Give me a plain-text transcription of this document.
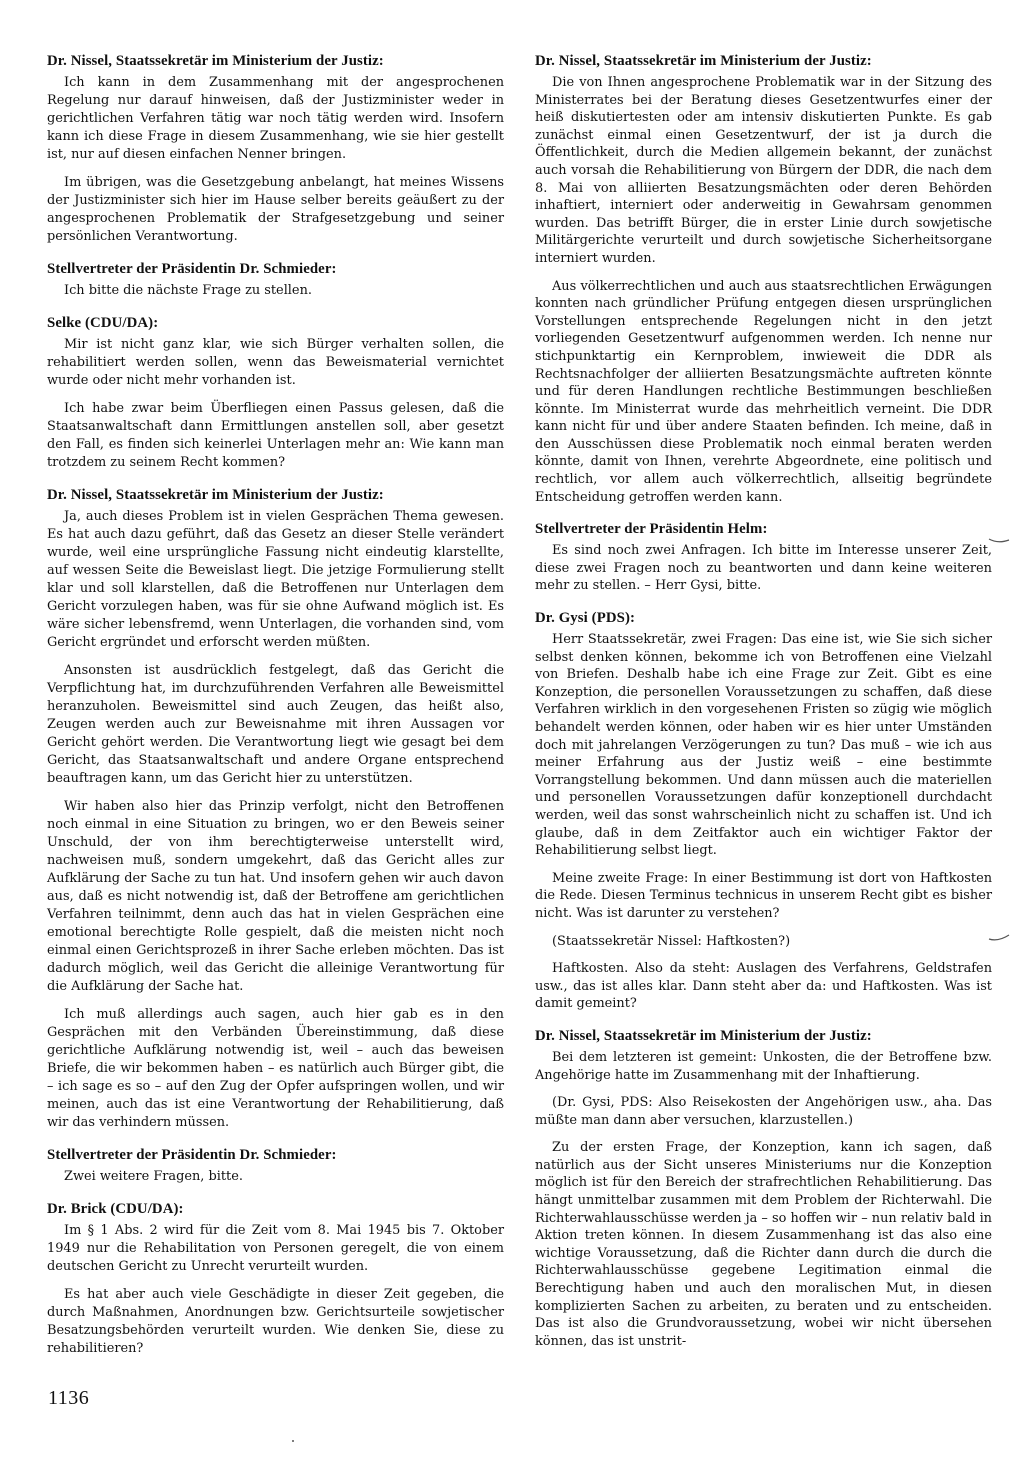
Dr. Nissel, Staatssekretär im Ministerium der Justiz:

Ich kann in dem Zusammenhang mit der angesprochenen Regelung nur darauf hinweisen, daß der Justizminister weder in gerichtlichen Verfahren tätig war noch tätig werden wird. Insofern kann ich diese Frage in diesem Zusammenhang, wie sie hier gestellt ist, nur auf diesen einfachen Nenner bringen.

Im übrigen, was die Gesetzgebung anbelangt, hat meines Wissens der Justizminister sich hier im Hause selber bereits geäußert zu der angesprochenen Problematik der Strafgesetzgebung und seiner persönlichen Verantwortung.

Stellvertreter der Präsidentin Dr. Schmieder:

Ich bitte die nächste Frage zu stellen.

Selke (CDU/DA):

Mir ist nicht ganz klar, wie sich Bürger verhalten sollen, die rehabilitiert werden sollen, wenn das Beweismaterial vernichtet wurde oder nicht mehr vorhanden ist.

Ich habe zwar beim Überfliegen einen Passus gelesen, daß die Staatsanwaltschaft dann Ermittlungen anstellen soll, aber gesetzt den Fall, es finden sich keinerlei Unterlagen mehr an: Wie kann man trotzdem zu seinem Recht kommen?

Dr. Nissel, Staatssekretär im Ministerium der Justiz:

Ja, auch dieses Problem ist in vielen Gesprächen Thema gewesen. Es hat auch dazu geführt, daß das Gesetz an dieser Stelle verändert wurde, weil eine ursprüngliche Fassung nicht eindeutig klarstellte, auf wessen Seite die Beweislast liegt. Die jetzige Formulierung stellt klar und soll klarstellen, daß die Betroffenen nur Unterlagen dem Gericht vorzulegen haben, was für sie ohne Aufwand möglich ist. Es wäre sicher lebensfremd, wenn Unterlagen, die vorhanden sind, vom Gericht ergründet und erforscht werden müßten.

Ansonsten ist ausdrücklich festgelegt, daß das Gericht die Verpflichtung hat, im durchzuführenden Verfahren alle Beweismittel heranzuholen. Beweismittel sind auch Zeugen, das heißt also, Zeugen werden auch zur Beweisnahme mit ihren Aussagen vor Gericht gehört werden. Die Verantwortung liegt wie gesagt bei dem Gericht, das Staatsanwaltschaft und andere Organe entsprechend beauftragen kann, um das Gericht hier zu unterstützen.

Wir haben also hier das Prinzip verfolgt, nicht den Betroffenen noch einmal in eine Situation zu bringen, wo er den Beweis seiner Unschuld, der von ihm berechtigterweise unterstellt wird, nachweisen muß, sondern umgekehrt, daß das Gericht alles zur Aufklärung der Sache zu tun hat. Und insofern gehen wir auch davon aus, daß es nicht notwendig ist, daß der Betroffene am gerichtlichen Verfahren teilnimmt, denn auch das hat in vielen Gesprächen eine emotional berechtigte Rolle gespielt, daß die meisten nicht noch einmal einen Gerichtsprozeß in ihrer Sache erleben möchten. Das ist dadurch möglich, weil das Gericht die alleinige Verantwortung für die Aufklärung der Sache hat.

Ich muß allerdings auch sagen, auch hier gab es in den Gesprächen mit den Verbänden Übereinstimmung, daß diese gerichtliche Aufklärung notwendig ist, weil – auch das beweisen Briefe, die wir bekommen haben – es natürlich auch Bürger gibt, die – ich sage es so – auf den Zug der Opfer aufspringen wollen, und wir meinen, auch das ist eine Verantwortung der Rehabilitierung, daß wir das verhindern müssen.

Stellvertreter der Präsidentin Dr. Schmieder:

Zwei weitere Fragen, bitte.

Dr. Brick (CDU/DA):

Im § 1 Abs. 2 wird für die Zeit vom 8. Mai 1945 bis 7. Oktober 1949 nur die Rehabilitation von Personen geregelt, die von einem deutschen Gericht zu Unrecht verurteilt wurden.

Es hat aber auch viele Geschädigte in dieser Zeit gegeben, die durch Maßnahmen, Anordnungen bzw. Gerichtsurteile sowjetischer Besatzungsbehörden verurteilt wurden. Wie denken Sie, diese zu rehabilitieren?

Dr. Nissel, Staatssekretär im Ministerium der Justiz:

Die von Ihnen angesprochene Problematik war in der Sitzung des Ministerrates bei der Beratung dieses Gesetzentwurfes einer der heiß diskutiertesten oder am intensiv diskutierten Punkte. Es gab zunächst einmal einen Gesetzentwurf, der ist ja durch die Öffentlichkeit, durch die Medien allgemein bekannt, der zunächst auch vorsah die Rehabilitierung von Bürgern der DDR, die nach dem 8. Mai von alliierten Besatzungsmächten oder deren Behörden inhaftiert, interniert oder anderweitig in Gewahrsam genommen wurden. Das betrifft Bürger, die in erster Linie durch sowjetische Militärgerichte verurteilt und durch sowjetische Sicherheitsorgane interniert wurden.

Aus völkerrechtlichen und auch aus staatsrechtlichen Erwägungen konnten nach gründlicher Prüfung entgegen diesen ursprünglichen Vorstellungen entsprechende Regelungen nicht in den jetzt vorliegenden Gesetzentwurf aufgenommen werden. Ich nenne nur stichpunktartig ein Kernproblem, inwieweit die DDR als Rechtsnachfolger der alliierten Besatzungsmächte auftreten könnte und für deren Handlungen rechtliche Bestimmungen beschließen könnte. Im Ministerrat wurde das mehrheitlich verneint. Die DDR kann nicht für und über andere Staaten befinden. Ich meine, daß in den Ausschüssen diese Problematik noch einmal beraten werden könnte, damit von Ihnen, verehrte Abgeordnete, eine politisch und rechtlich, vor allem auch völkerrechtlich, allseitig begründete Entscheidung getroffen werden kann.

Stellvertreter der Präsidentin Helm:

Es sind noch zwei Anfragen. Ich bitte im Interesse unserer Zeit, diese zwei Fragen noch zu beantworten und dann keine weiteren mehr zu stellen. – Herr Gysi, bitte.

Dr. Gysi (PDS):

Herr Staatssekretär, zwei Fragen: Das eine ist, wie Sie sich sicher selbst denken können, bekomme ich von Betroffenen eine Vielzahl von Briefen. Deshalb habe ich eine Frage zur Zeit. Gibt es eine Konzeption, die personellen Voraussetzungen zu schaffen, daß diese Verfahren wirklich in den vorgesehenen Fristen so zügig wie möglich behandelt werden können, oder haben wir es hier unter Umständen doch mit jahrelangen Verzögerungen zu tun? Das muß – wie ich aus meiner Erfahrung aus der Justiz weiß – eine bestimmte Vorrangstellung bekommen. Und dann müssen auch die materiellen und personellen Voraussetzungen dafür konzeptionell durchdacht werden, weil das sonst wahrscheinlich nicht zu schaffen ist. Und ich glaube, daß in dem Zeitfaktor auch ein wichtiger Faktor der Rehabilitierung selbst liegt.

Meine zweite Frage: In einer Bestimmung ist dort von Haftkosten die Rede. Diesen Terminus technicus in unserem Recht gibt es bisher nicht. Was ist darunter zu verstehen?

(Staatssekretär Nissel: Haftkosten?)

Haftkosten. Also da steht: Auslagen des Verfahrens, Geldstrafen usw., das ist alles klar. Dann steht aber da: und Haftkosten. Was ist damit gemeint?

Dr. Nissel, Staatssekretär im Ministerium der Justiz:

Bei dem letzteren ist gemeint: Unkosten, die der Betroffene bzw. Angehörige hatte im Zusammenhang mit der Inhaftierung.

(Dr. Gysi, PDS: Also Reisekosten der Angehörigen usw., aha. Das müßte man dann aber versuchen, klarzustellen.)

Zu der ersten Frage, der Konzeption, kann ich sagen, daß natürlich aus der Sicht unseres Ministeriums nur die Konzeption möglich ist für den Bereich der strafrechtlichen Rehabilitierung. Das hängt unmittelbar zusammen mit dem Problem der Richterwahl. Die Richterwahlausschüsse werden ja – so hoffen wir – nun relativ bald in Aktion treten können. In diesem Zusammenhang ist das also eine wichtige Voraussetzung, daß die Richter dann durch die durch die Richterwahlausschüsse gegebene Legitimation einmal die Berechtigung haben und auch den moralischen Mut, in diesen komplizierten Sachen zu arbeiten, zu beraten und zu entscheiden. Das ist also die Grundvoraussetzung, wobei wir nicht übersehen können, das ist unstrit-

1136
